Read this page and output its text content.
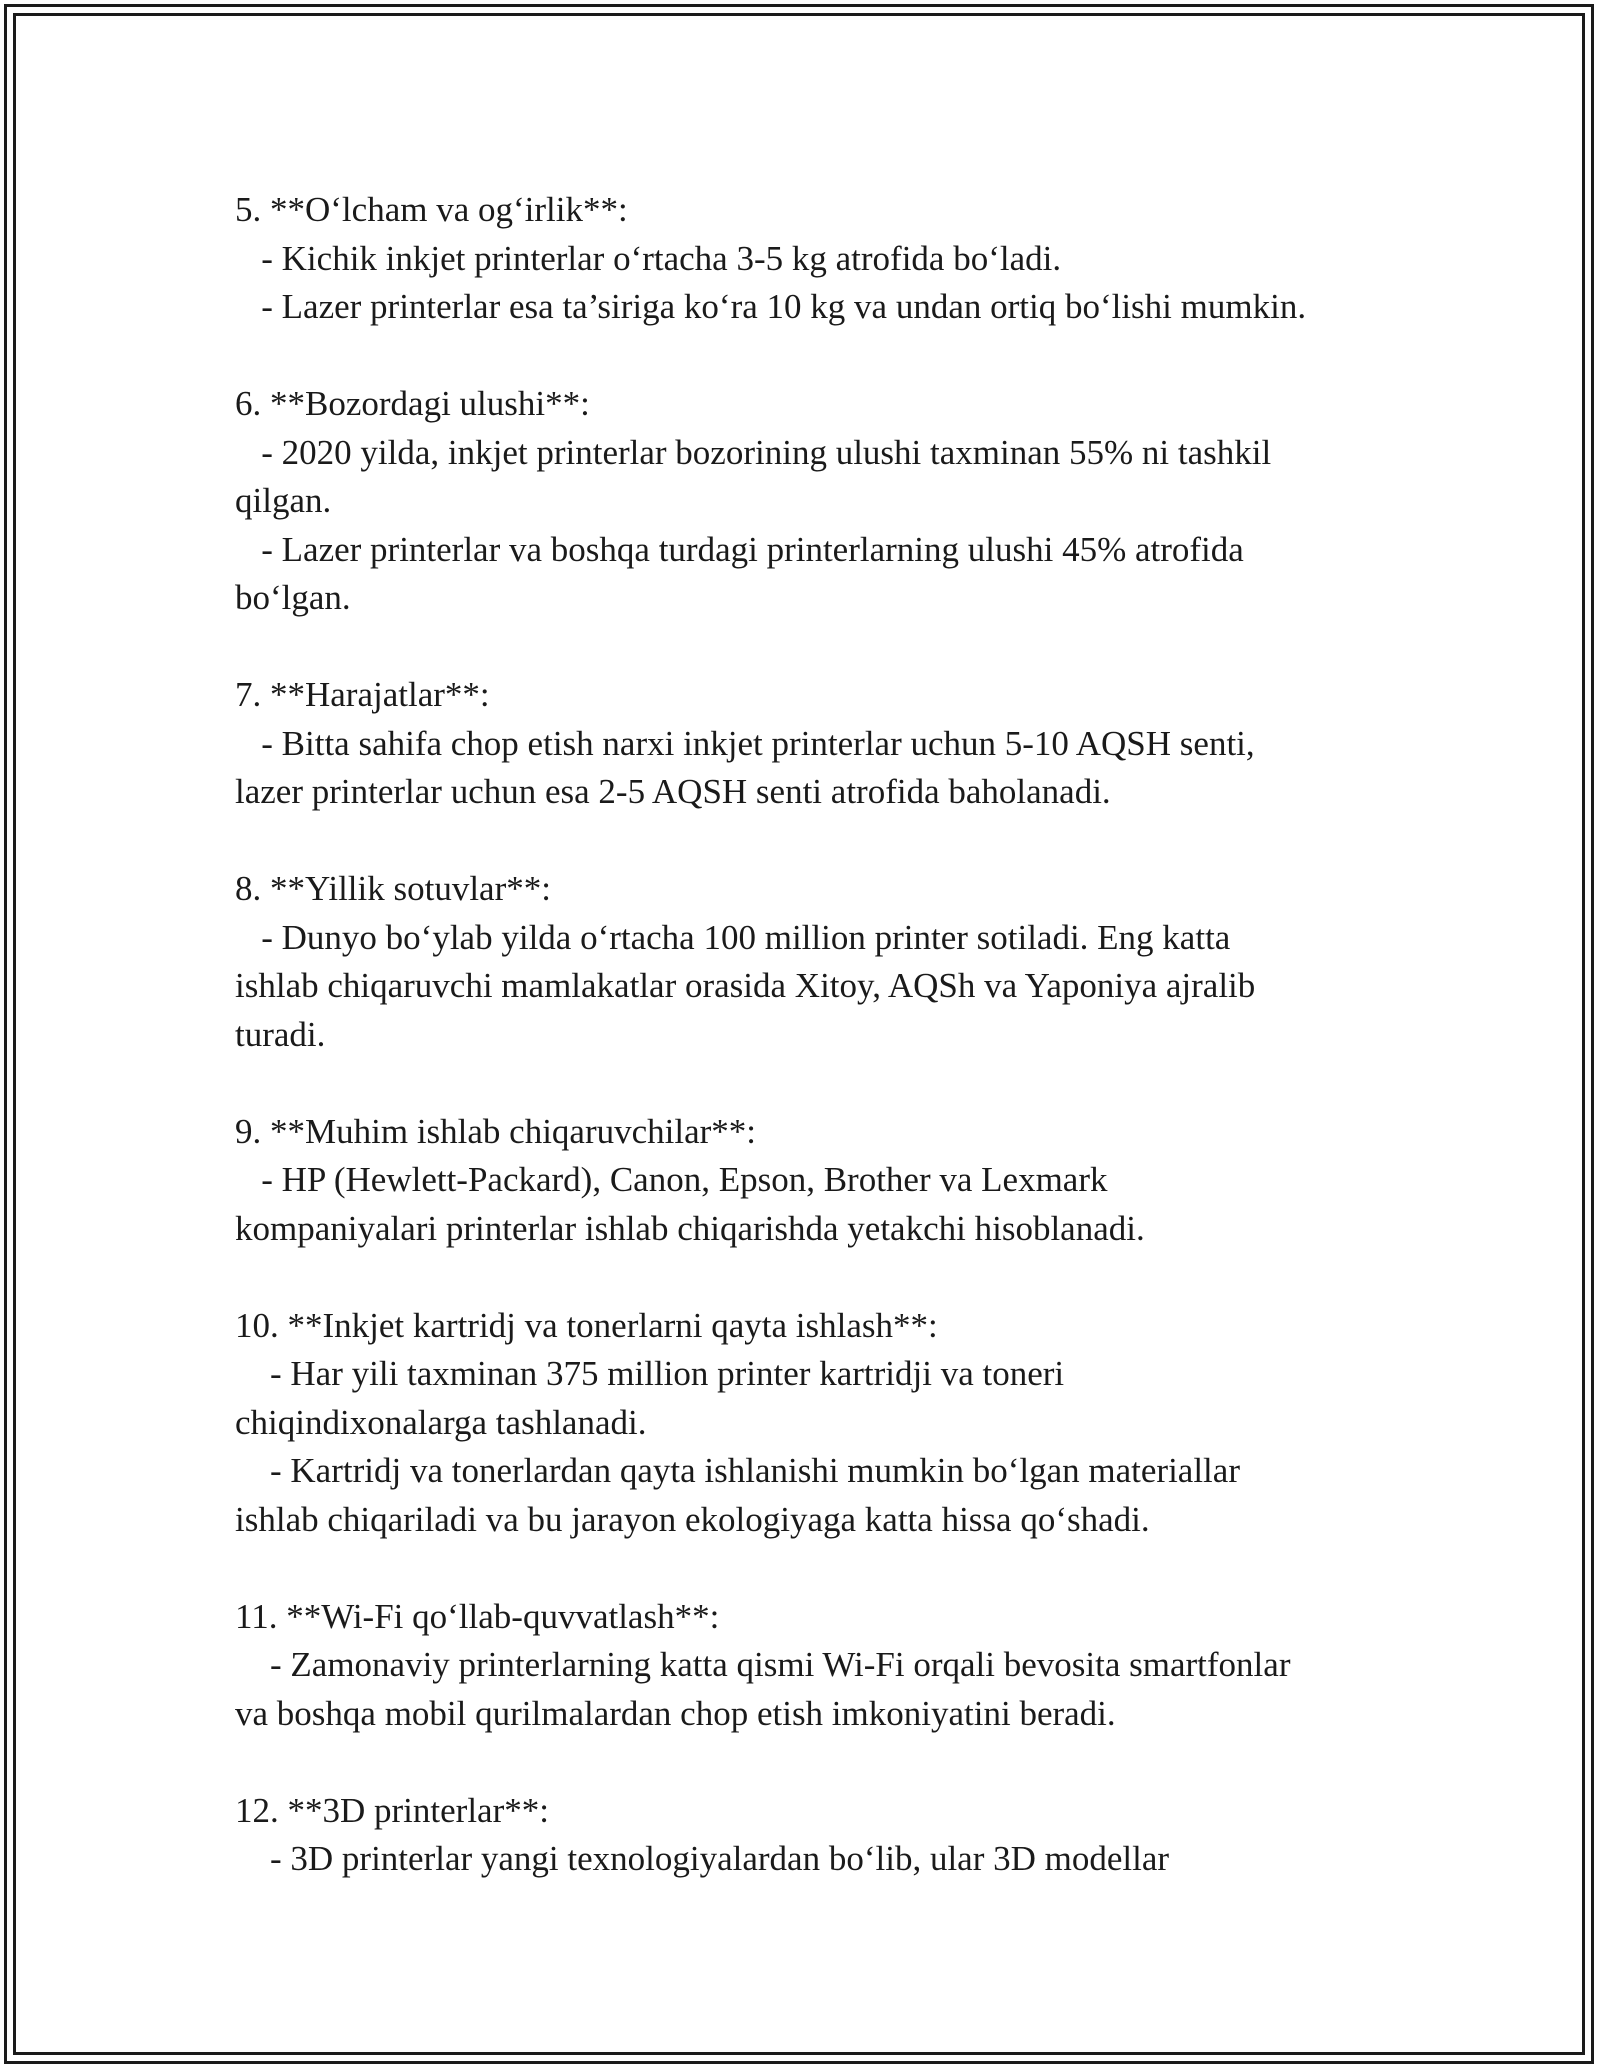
5. **O‘lcham va og‘irlik**:

- Kichik inkjet printerlar o‘rtacha 3-5 kg atrofida bo‘ladi.

- Lazer printerlar esa ta’siriga ko‘ra 10 kg va undan ortiq bo‘lishi mumkin.

6. **Bozordagi ulushi**:

- 2020 yilda, inkjet printerlar bozorining ulushi taxminan 55% ni tashkil

qilgan.

- Lazer printerlar va boshqa turdagi printerlarning ulushi 45% atrofida

bo‘lgan.

7. **Harajatlar**:

- Bitta sahifa chop etish narxi inkjet printerlar uchun 5-10 AQSH senti,

lazer printerlar uchun esa 2-5 AQSH senti atrofida baholanadi.

8. **Yillik sotuvlar**:

- Dunyo bo‘ylab yilda o‘rtacha 100 million printer sotiladi. Eng katta

ishlab chiqaruvchi mamlakatlar orasida Xitoy, AQSh va Yaponiya ajralib

turadi.

9. **Muhim ishlab chiqaruvchilar**:

- HP (Hewlett-Packard), Canon, Epson, Brother va Lexmark

kompaniyalari printerlar ishlab chiqarishda yetakchi hisoblanadi.

10. **Inkjet kartridj va tonerlarni qayta ishlash**:

- Har yili taxminan 375 million printer kartridji va toneri

chiqindixonalarga tashlanadi.

- Kartridj va tonerlardan qayta ishlanishi mumkin bo‘lgan materiallar

ishlab chiqariladi va bu jarayon ekologiyaga katta hissa qo‘shadi.

11. **Wi-Fi qo‘llab-quvvatlash**:

- Zamonaviy printerlarning katta qismi Wi-Fi orqali bevosita smartfonlar

va boshqa mobil qurilmalardan chop etish imkoniyatini beradi.

12. **3D printerlar**:

- 3D printerlar yangi texnologiyalardan bo‘lib, ular 3D modellar
